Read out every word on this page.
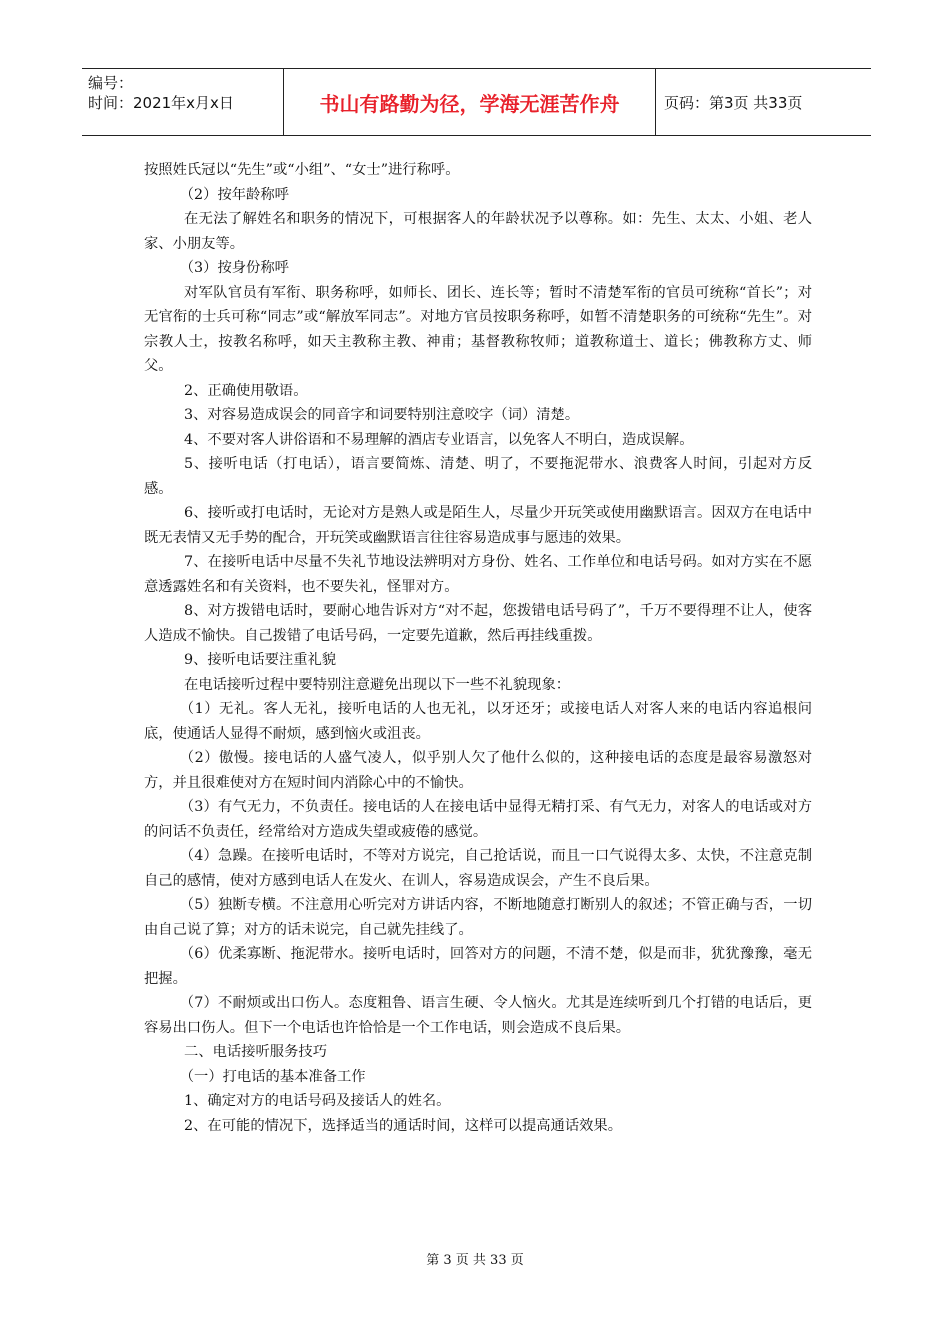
编号：
时间：2021年x月x日	书山有路勤为径，学海无涯苦作舟	页码：第3页 共33页

按照姓氏冠以“先生”或“小组”、“女士”进行称呼。

（2）按年龄称呼

在无法了解姓名和职务的情况下，可根据客人的年龄状况予以尊称。如：先生、太太、小姐、老人家、小朋友等。

（3）按身份称呼

对军队官员有军衔、职务称呼，如师长、团长、连长等；暂时不清楚军衔的官员可统称“首长”；对无官衔的士兵可称“同志”或“解放军同志”。对地方官员按职务称呼，如暂不清楚职务的可统称“先生”。对宗教人士，按教名称呼，如天主教称主教、神甫；基督教称牧师；道教称道士、道长；佛教称方丈、师父。

2、正确使用敬语。

3、对容易造成误会的同音字和词要特别注意咬字（词）清楚。

4、不要对客人讲俗语和不易理解的酒店专业语言，以免客人不明白，造成误解。

5、接听电话（打电话），语言要简炼、清楚、明了，不要拖泥带水、浪费客人时间，引起对方反感。

6、接听或打电话时，无论对方是熟人或是陌生人，尽量少开玩笑或使用幽默语言。因双方在电话中既无表情又无手势的配合，开玩笑或幽默语言往往容易造成事与愿违的效果。

7、在接听电话中尽量不失礼节地设法辨明对方身份、姓名、工作单位和电话号码。如对方实在不愿意透露姓名和有关资料，也不要失礼，怪罪对方。

8、对方拨错电话时，要耐心地告诉对方“对不起，您拨错电话号码了”，千万不要得理不让人，使客人造成不愉快。自己拨错了电话号码，一定要先道歉，然后再挂线重拨。

9、接听电话要注重礼貌

在电话接听过程中要特别注意避免出现以下一些不礼貌现象：

（1）无礼。客人无礼，接听电话的人也无礼，以牙还牙；或接电话人对客人来的电话内容追根问底，使通话人显得不耐烦，感到恼火或沮丧。

（2）傲慢。接电话的人盛气凌人，似乎别人欠了他什么似的，这种接电话的态度是最容易激怒对方，并且很难使对方在短时间内消除心中的不愉快。

（3）有气无力，不负责任。接电话的人在接电话中显得无精打采、有气无力，对客人的电话或对方的问话不负责任，经常给对方造成失望或疲倦的感觉。

（4）急躁。在接听电话时，不等对方说完，自己抢话说，而且一口气说得太多、太快，不注意克制自己的感情，使对方感到电话人在发火、在训人，容易造成误会，产生不良后果。

（5）独断专横。不注意用心听完对方讲话内容，不断地随意打断别人的叙述；不管正确与否，一切由自己说了算；对方的话未说完，自己就先挂线了。

（6）优柔寡断、拖泥带水。接听电话时，回答对方的问题，不清不楚，似是而非，犹犹豫豫，毫无把握。

（7）不耐烦或出口伤人。态度粗鲁、语言生硬、令人恼火。尤其是连续听到几个打错的电话后，更容易出口伤人。但下一个电话也许恰恰是一个工作电话，则会造成不良后果。

二、电话接听服务技巧

（一）打电话的基本准备工作

1、确定对方的电话号码及接话人的姓名。

2、在可能的情况下，选择适当的通话时间，这样可以提高通话效果。

第 3 页 共 33 页
